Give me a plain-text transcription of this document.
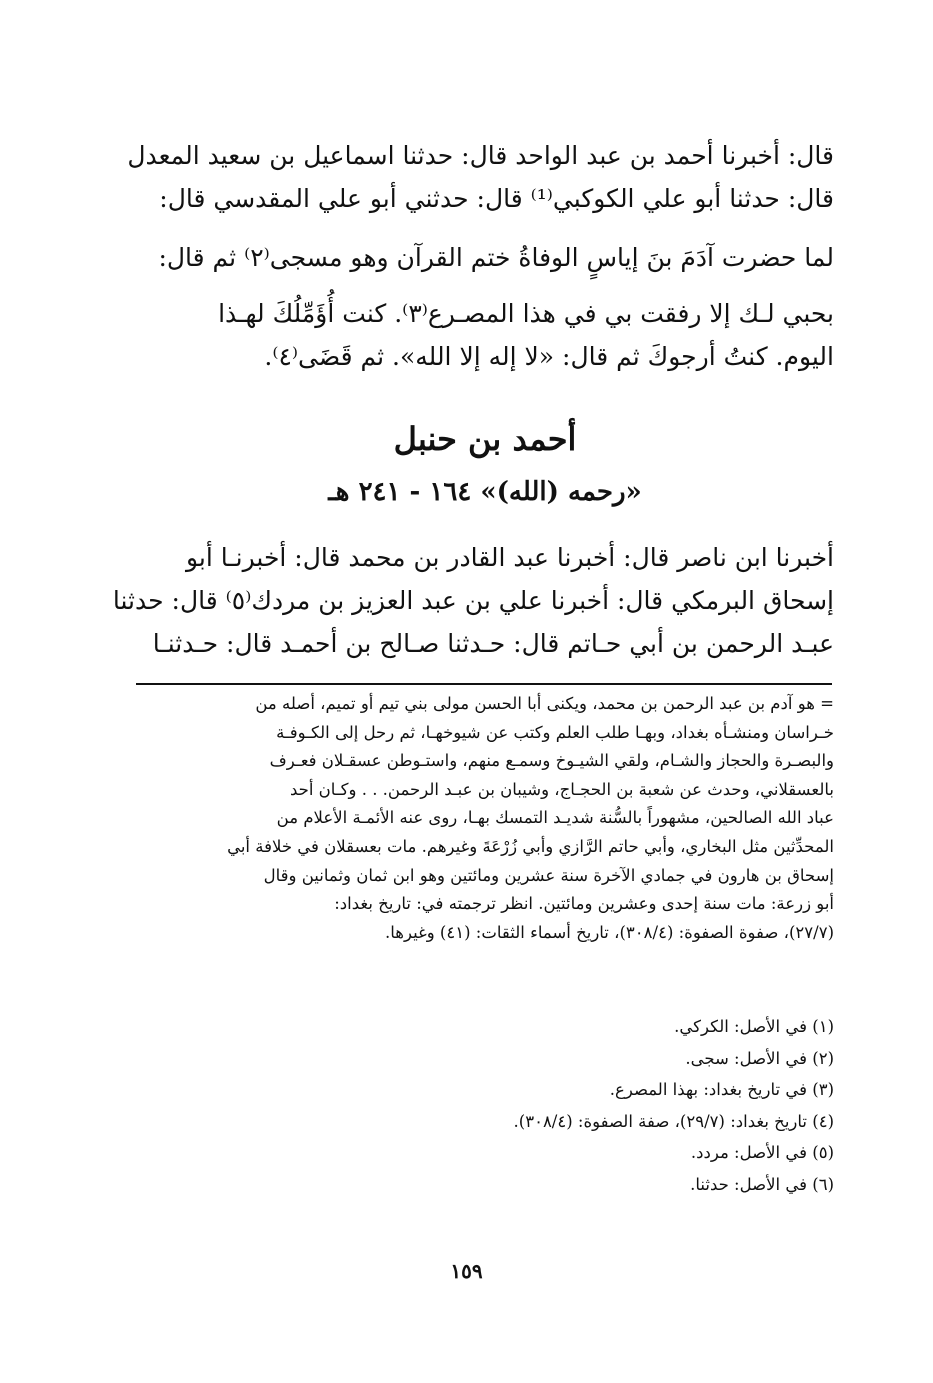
قال: أخبرنا أحمد بن عبد الواحد قال: حدثنا اسماعيل بن سعيد المعدل
قال: حدثنا أبو علي الكوكبي⁽¹⁾ قال: حدثني أبو علي المقدسي قال:
لما حضرت آدَمَ بنَ إياسٍ الوفاةُ ختم القرآن وهو مسجى⁽٢⁾ ثم قال:
بحبي لـك إلا رفقت بي في هذا المصـرع⁽٣⁾. كنت أُؤَمِّلُكَ لهـذا
اليوم. كنتُ أرجوكَ ثم قال: «لا إله إلا الله». ثم قَضَى⁽٤⁾.
أحمد بن حنبل
«رحمه (الله)» ١٦٤ - ٢٤١ هـ
أخبرنا ابن ناصر قال: أخبرنا عبد القادر بن محمد قال: أخبرنـا أبو
إسحاق البرمكي قال: أخبرنا علي بن عبد العزيز بن مردك⁽٥⁾ قال: حدثنا
عبـد الرحمن بن أبي حـاتم قال: حـدثنا صـالح بن أحمـد قال: حـدثنـا
= هو آدم بن عبد الرحمن بن محمد، ويكنى أبا الحسن مولى بني تيم أو تميم، أصله من
خـراسان ومنشـأه بغداد، وبهـا طلب العلم وكتب عن شيوخهـا، ثم رحل إلى الكـوفـة
والبصـرة والحجاز والشـام، ولقي الشيـوخ وسمـع منهم، واستـوطن عسقـلان فعـرف
بالعسقلاني، وحدث عن شعبة بن الحجـاج، وشيبان بن عبـد الرحمن. . . وكـان أحد
عباد الله الصالحين، مشهوراً بالسُّنة شديـد التمسك بهـا، روى عنه الأئمـة الأعلام من
المحدِّثين مثل البخاري، وأبي حاتم الرَّازي وأبي زُرْعَةَ وغيرهم. مات بعسقلان في خلافة أبي
إسحاق بن هارون في جمادي الآخرة سنة عشرين ومائتين وهو ابن ثمان وثمانين وقال
أبو زرعة: مات سنة إحدى وعشرين ومائتين. انظر ترجمته في: تاريخ بغداد:
(٢٧/٧)، صفوة الصفوة: (٣٠٨/٤)، تاريخ أسماء الثقات: (٤١) وغيرها.
(١) في الأصل: الكركي.
(٢) في الأصل: سجى.
(٣) في تاريخ بغداد: بهذا المصرع.
(٤) تاريخ بغداد: (٢٩/٧)، صفة الصفوة: (٣٠٨/٤).
(٥) في الأصل: مردد.
(٦) في الأصل: حدثنا.
١٥٩
